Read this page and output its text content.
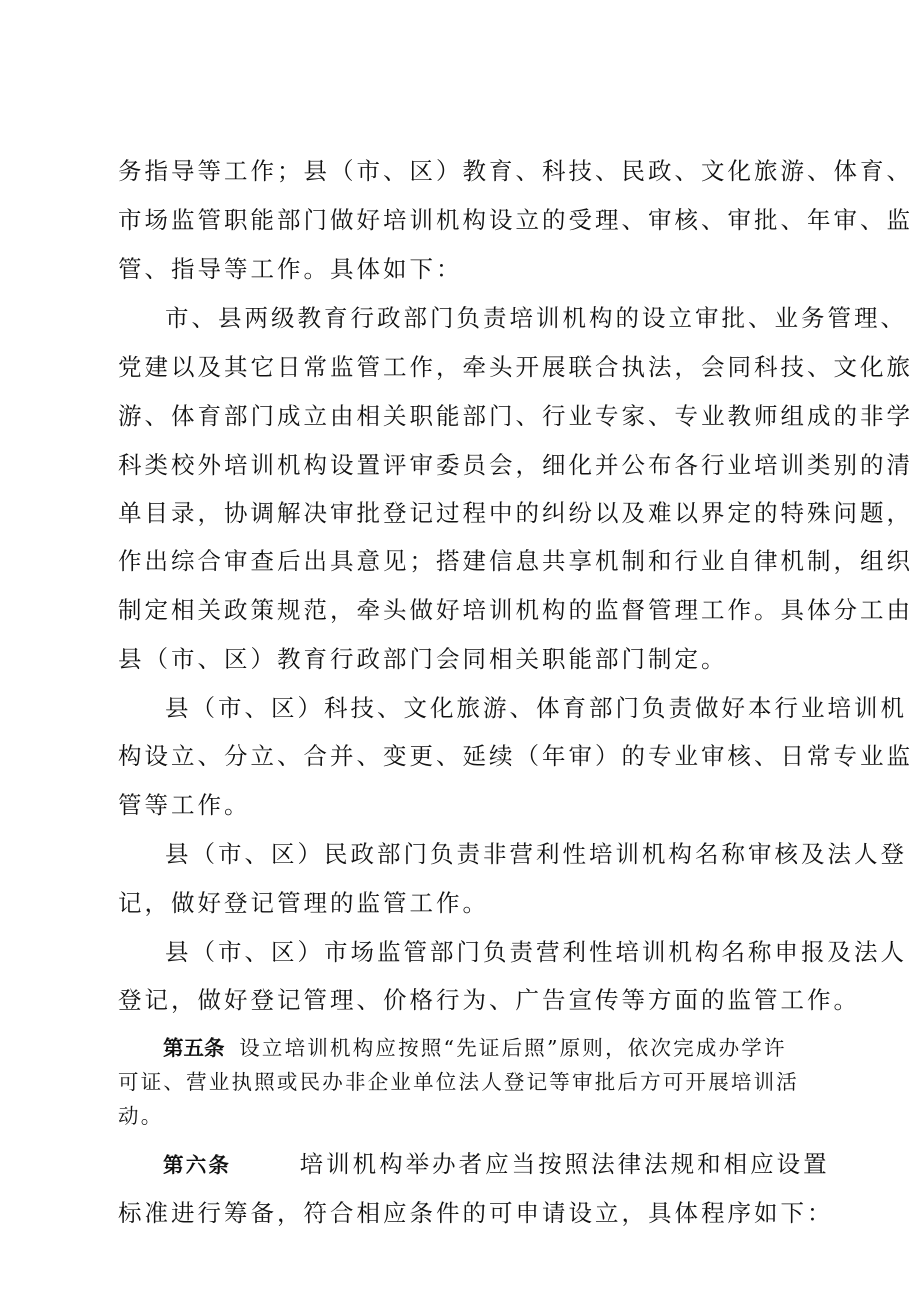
务指导等工作；县（市、区）教育、科技、民政、文化旅游、体育、
市场监管职能部门做好培训机构设立的受理、审核、审批、年审、监
管、指导等工作。具体如下：
市、县两级教育行政部门负责培训机构的设立审批、业务管理、
党建以及其它日常监管工作，牵头开展联合执法，会同科技、文化旅
游、体育部门成立由相关职能部门、行业专家、专业教师组成的非学
科类校外培训机构设置评审委员会，细化并公布各行业培训类别的清
单目录，协调解决审批登记过程中的纠纷以及难以界定的特殊问题，
作出综合审查后出具意见；搭建信息共享机制和行业自律机制，组织
制定相关政策规范，牵头做好培训机构的监督管理工作。具体分工由
县（市、区）教育行政部门会同相关职能部门制定。
县（市、区）科技、文化旅游、体育部门负责做好本行业培训机
构设立、分立、合并、变更、延续（年审）的专业审核、日常专业监
管等工作。
县（市、区）民政部门负责非营利性培训机构名称审核及法人登
记，做好登记管理的监管工作。
县（市、区）市场监管部门负责营利性培训机构名称申报及法人
登记，做好登记管理、价格行为、广告宣传等方面的监管工作。
第五条 设立培训机构应按照“先证后照”原则，依次完成办学许
可证、营业执照或民办非企业单位法人登记等审批后方可开展培训活
动。
第六条	培训机构举办者应当按照法律法规和相应设置
标准进行筹备，符合相应条件的可申请设立，具体程序如下：
